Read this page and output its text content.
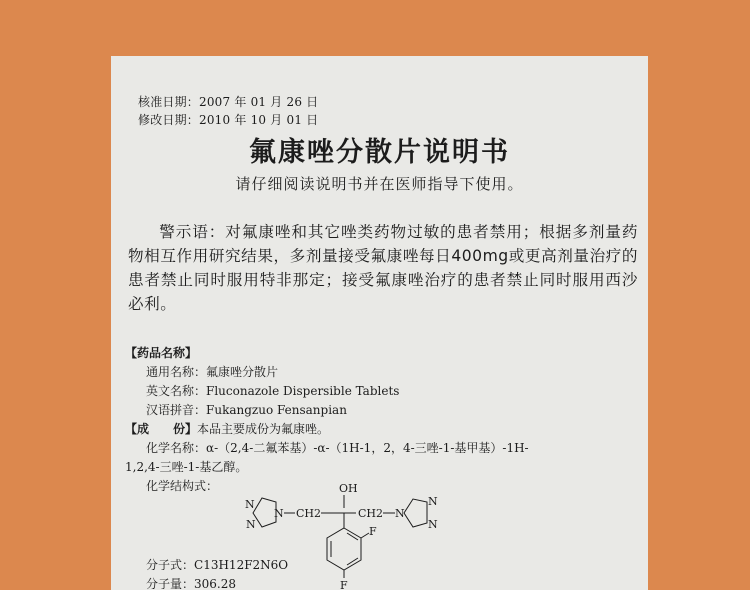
核准日期：2007 年 01 月 26 日
修改日期：2010 年 10 月 01 日
氟康唑分散片说明书
请仔细阅读说明书并在医师指导下使用。

警示语：对氟康唑和其它唑类药物过敏的患者禁用；根据多剂量药物相互作用研究结果，多剂量接受氟康唑每日400mg或更高剂量治疗的患者禁止同时服用特非那定；接受氟康唑治疗的患者禁止同时服用西沙必利。

【药品名称】
通用名称：氟康唑分散片
英文名称：Fluconazole Dispersible Tablets
汉语拼音：Fukangzuo Fensanpian
【成　　份】本品主要成份为氟康唑。
化学名称：α-（2,4-二氟苯基）-α-（1H-1，2，4-三唑-1-基甲基）-1H-
1,2,4-三唑-1-基乙醇。
化学结构式：
N
N
N CH2
OH
CH2 N
N
N
F
F
分子式：C13H12F2N6O
分子量：306.28
